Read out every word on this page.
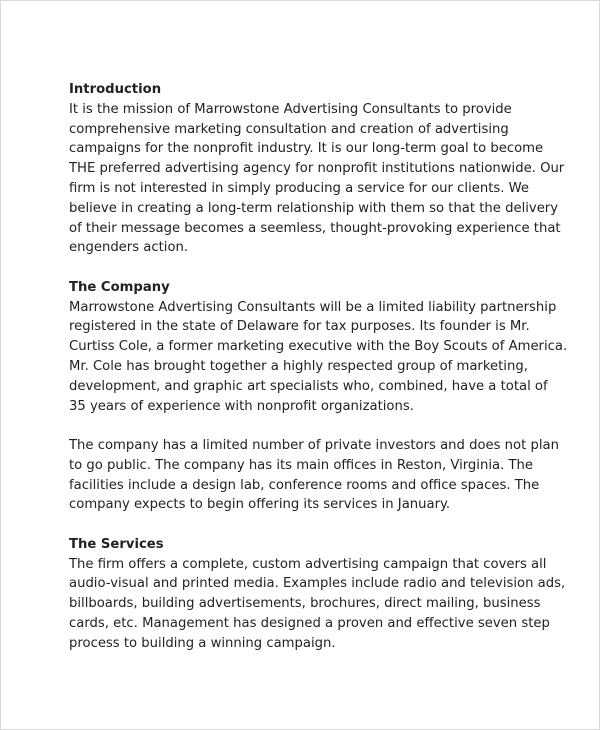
Introduction

It is the mission of Marrowstone Advertising Consultants to provide
comprehensive marketing consultation and creation of advertising
campaigns for the nonprofit industry. It is our long-term goal to become
THE preferred advertising agency for nonprofit institutions nationwide. Our
firm is not interested in simply producing a service for our clients. We
believe in creating a long-term relationship with them so that the delivery
of their message becomes a seemless, thought-provoking experience that
engenders action.

The Company

Marrowstone Advertising Consultants will be a limited liability partnership
registered in the state of Delaware for tax purposes. Its founder is Mr.
Curtiss Cole, a former marketing executive with the Boy Scouts of America.
Mr. Cole has brought together a highly respected group of marketing,
development, and graphic art specialists who, combined, have a total of
35 years of experience with nonprofit organizations.
The company has a limited number of private investors and does not plan
to go public. The company has its main offices in Reston, Virginia. The
facilities include a design lab, conference rooms and office spaces. The
company expects to begin offering its services in January.

The Services

The firm offers a complete, custom advertising campaign that covers all
audio-visual and printed media. Examples include radio and television ads,
billboards, building advertisements, brochures, direct mailing, business
cards, etc. Management has designed a proven and effective seven step
process to building a winning campaign.
